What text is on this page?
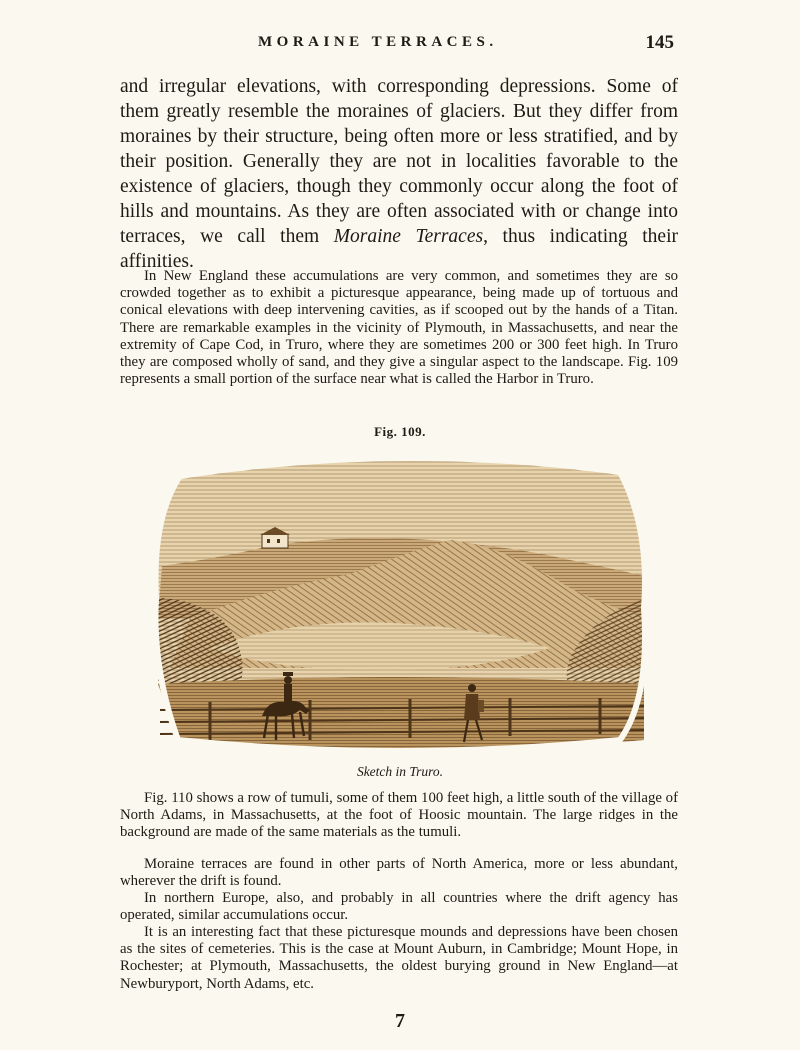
MORAINE TERRACES.	145

and irregular elevations, with corresponding depressions. Some of them greatly resemble the moraines of glaciers. But they differ from moraines by their structure, being often more or less stratified, and by their position. Generally they are not in localities favorable to the existence of glaciers, though they commonly occur along the foot of hills and mountains. As they are often associated with or change into terraces, we call them Moraine Terraces, thus indicating their affinities.

In New England these accumulations are very common, and sometimes they are so crowded together as to exhibit a picturesque appearance, being made up of tortuous and conical elevations with deep intervening cavities, as if scooped out by the hands of a Titan. There are remarkable examples in the vicinity of Plymouth, in Massachusetts, and near the extremity of Cape Cod, in Truro, where they are sometimes 200 or 300 feet high. In Truro they are composed wholly of sand, and they give a singular aspect to the landscape. Fig. 109 represents a small portion of the surface near what is called the Harbor in Truro.

Fig. 109.
Sketch in Truro.

Fig. 110 shows a row of tumuli, some of them 100 feet high, a little south of the village of North Adams, in Massachusetts, at the foot of Hoosic mountain. The large ridges in the background are made of the same materials as the tumuli.

Moraine terraces are found in other parts of North America, more or less abundant, wherever the drift is found.

In northern Europe, also, and probably in all countries where the drift agency has operated, similar accumulations occur.

It is an interesting fact that these picturesque mounds and depressions have been chosen as the sites of cemeteries. This is the case at Mount Auburn, in Cambridge; Mount Hope, in Rochester; at Plymouth, Massachusetts, the oldest burying ground in New England—at Newburyport, North Adams, etc.

7
